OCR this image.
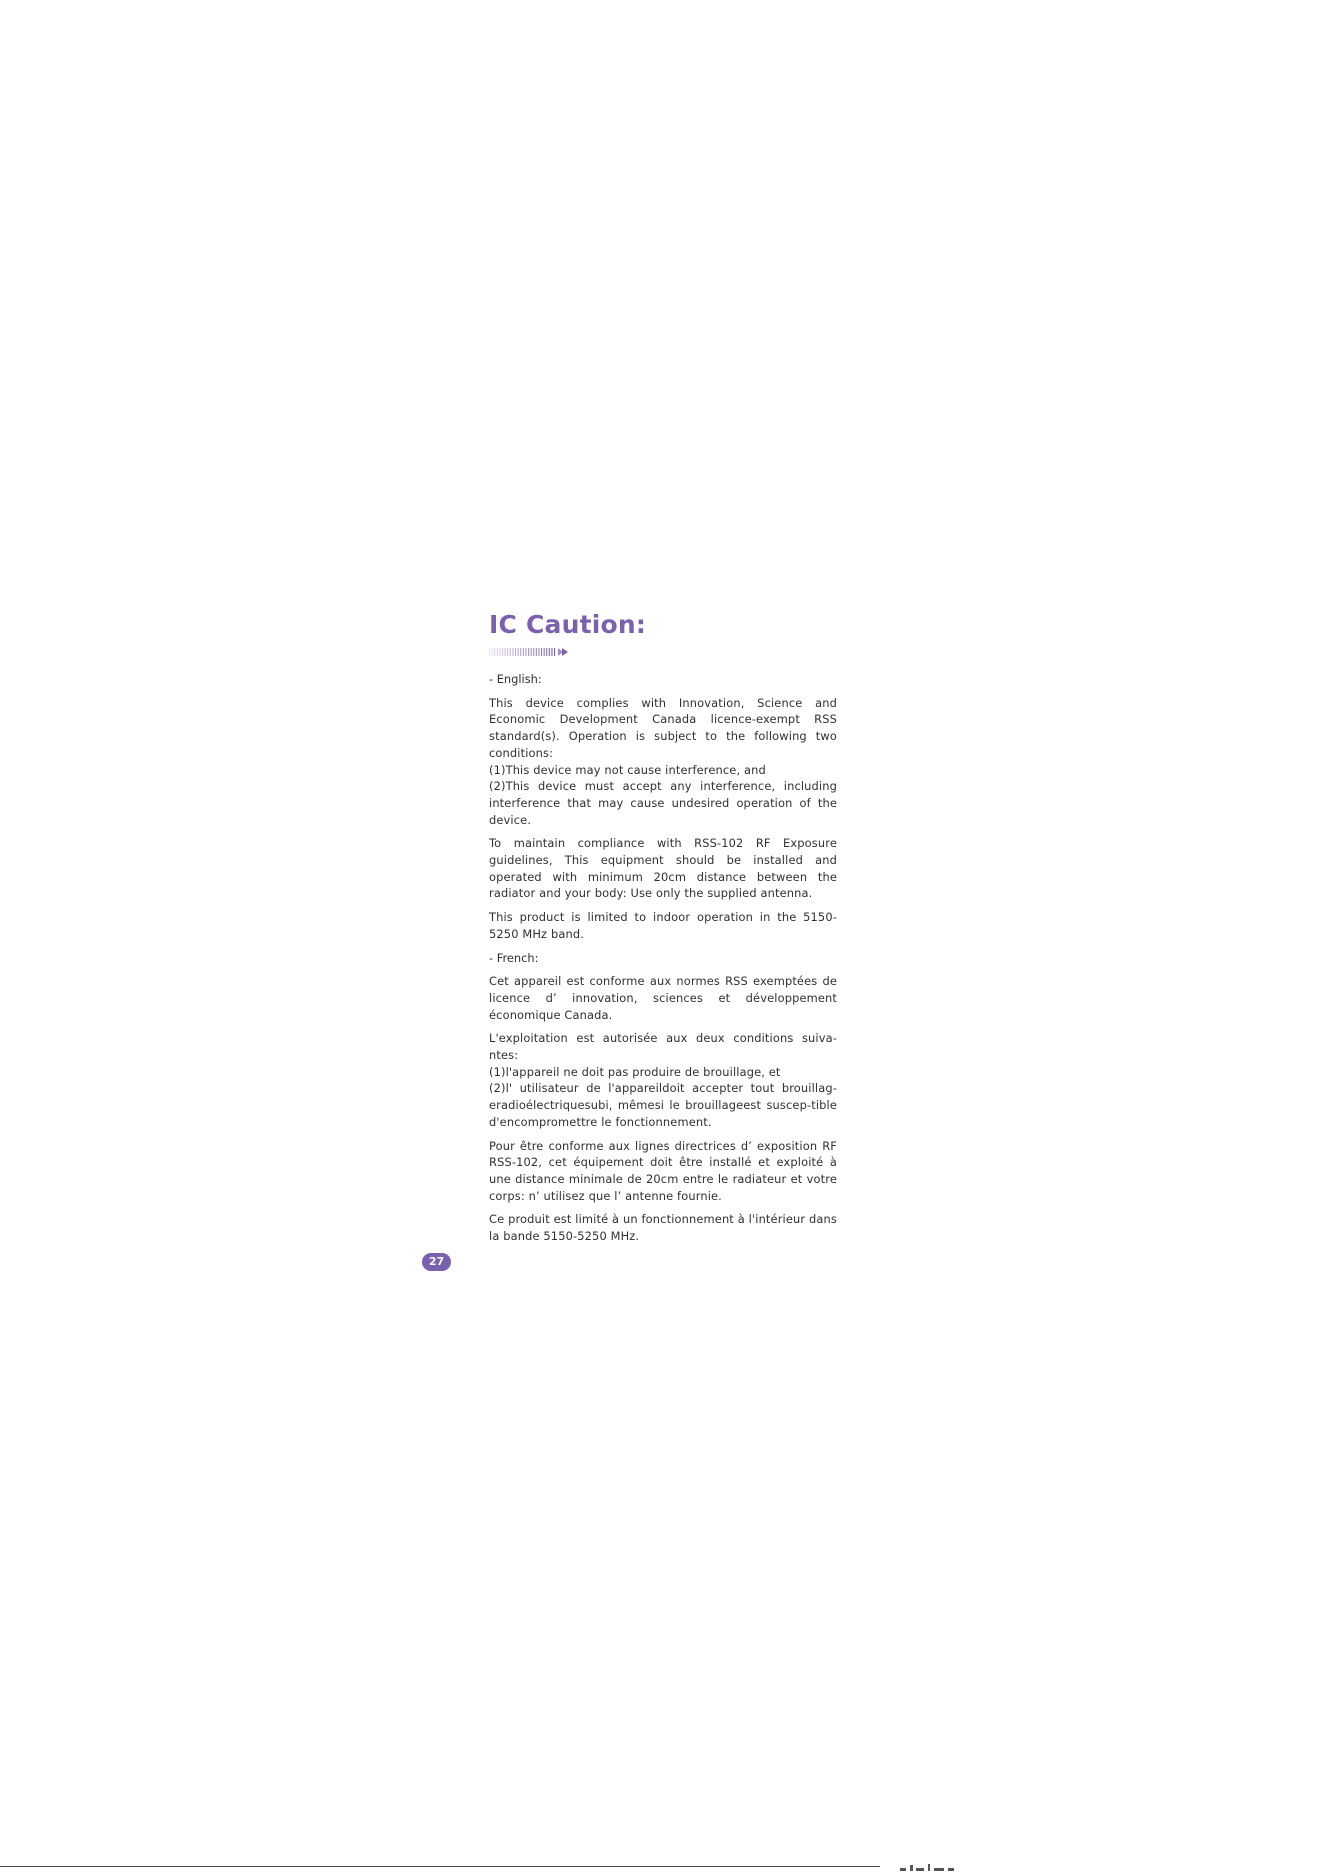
IC Caution:

- English:

This device complies with Innovation, Science and Economic Development Canada licence-exempt RSS standard(s). Operation is subject to the following two conditions:
(1)This device may not cause interference, and
(2)This device must accept any interference, including interference that may cause undesired operation of the device.

To maintain compliance with RSS-102 RF Exposure guidelines, This equipment should be installed and operated with minimum 20cm distance between the radiator and your body: Use only the supplied antenna.

This product is limited to indoor operation in the 5150-5250 MHz band.

- French:

Cet appareil est conforme aux normes RSS exemptées de licence d’ innovation, sciences et développement économique Canada.

L'exploitation est autorisée aux deux conditions suiva-ntes:
(1)l'appareil ne doit pas produire de brouillage, et
(2)l' utilisateur de l'appareildoit accepter tout brouillag-eradioélectriquesubi, mêmesi le brouillageest suscep-tible d'encompromettre le fonctionnement.

Pour être conforme aux lignes directrices d’ exposition RF RSS-102, cet équipement doit être installé et exploité à une distance minimale de 20cm entre le radiateur et votre corps: n’ utilisez que l’ antenne fournie.

Ce produit est limité à un fonctionnement à l'intérieur dans la bande 5150-5250 MHz.

27
